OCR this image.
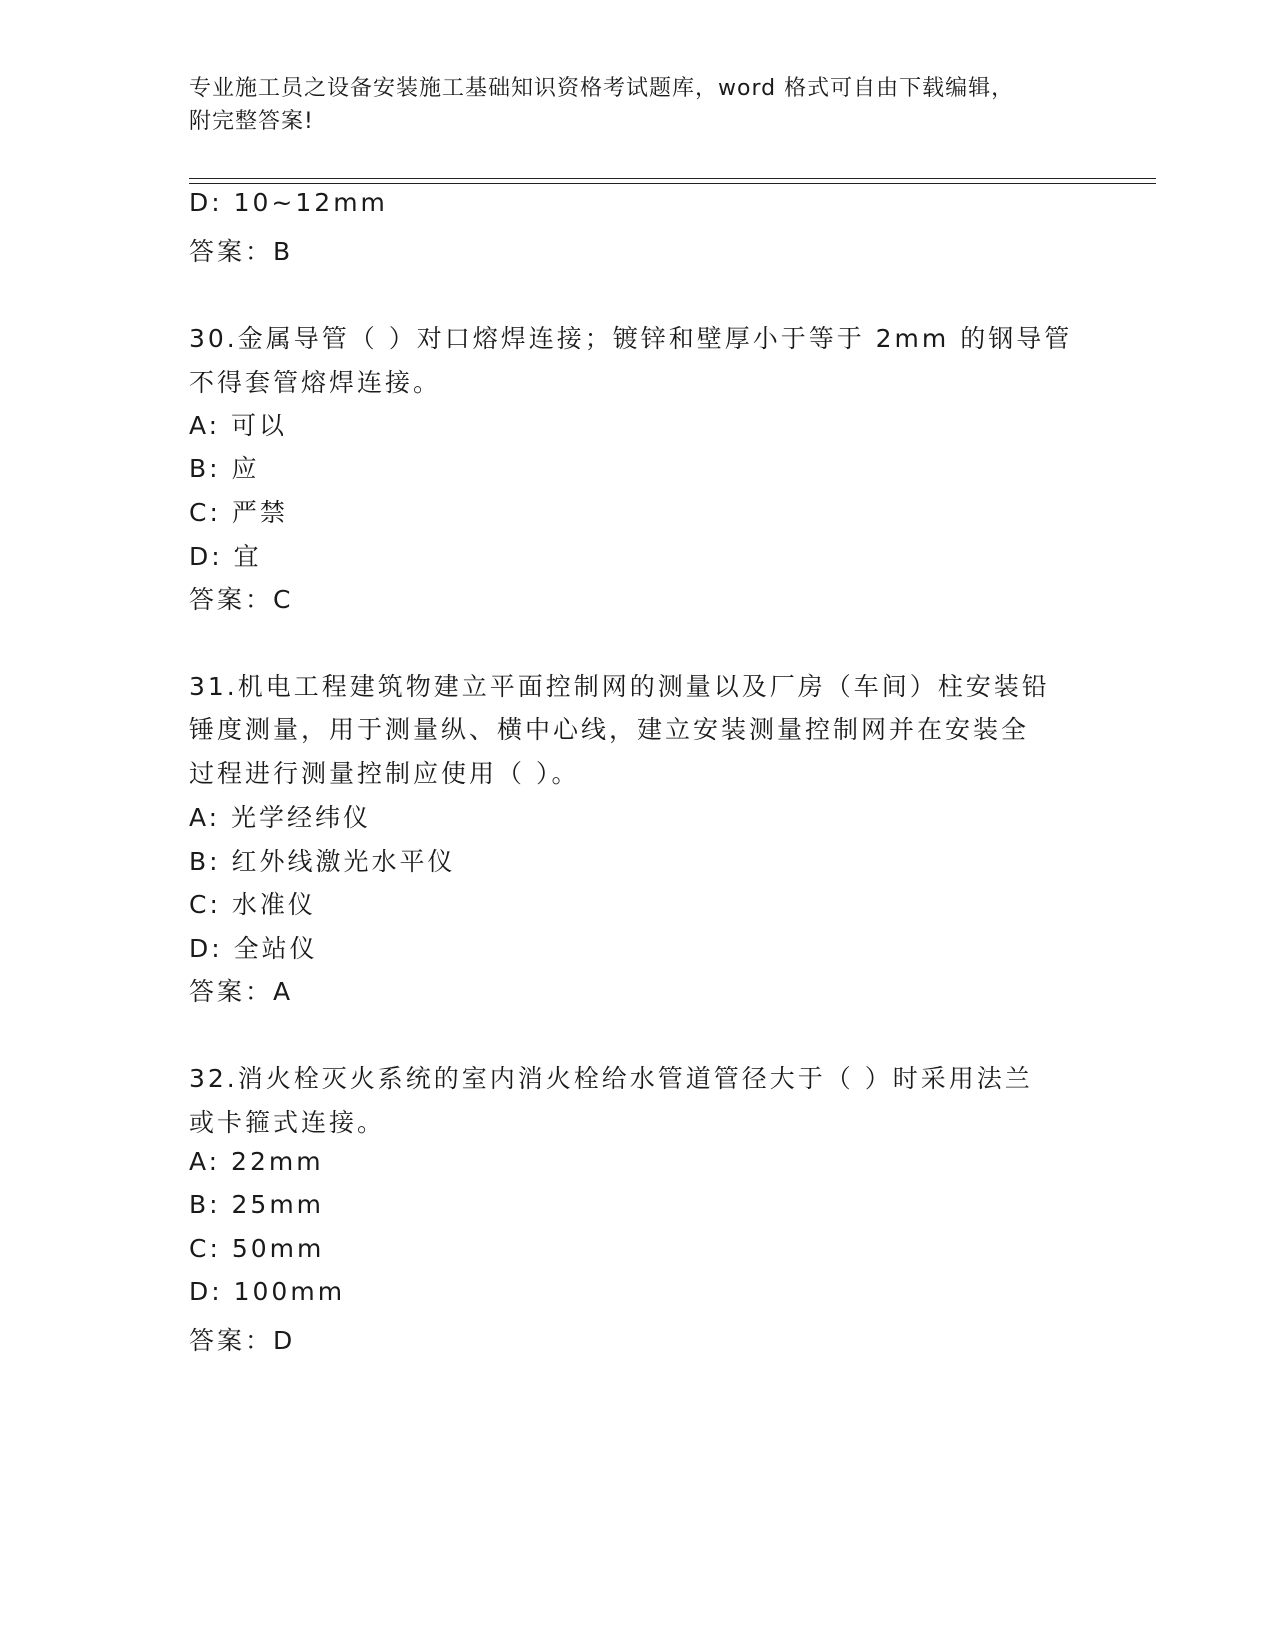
专业施工员之设备安装施工基础知识资格考试题库，word 格式可自由下载编辑，
附完整答案!
D: 10~12mm
答案：B
30.金属导管（ ）对口熔焊连接；镀锌和壁厚小于等于 2mm 的钢导管
不得套管熔焊连接。
A: 可以
B: 应
C: 严禁
D: 宜
答案：C
31.机电工程建筑物建立平面控制网的测量以及厂房（车间）柱安装铅
锤度测量，用于测量纵、横中心线，建立安装测量控制网并在安装全
过程进行测量控制应使用（ ）。
A: 光学经纬仪
B: 红外线激光水平仪
C: 水准仪
D: 全站仪
答案：A
32.消火栓灭火系统的室内消火栓给水管道管径大于（ ）时采用法兰
或卡箍式连接。
A: 22mm
B: 25mm
C: 50mm
D: 100mm
答案：D
